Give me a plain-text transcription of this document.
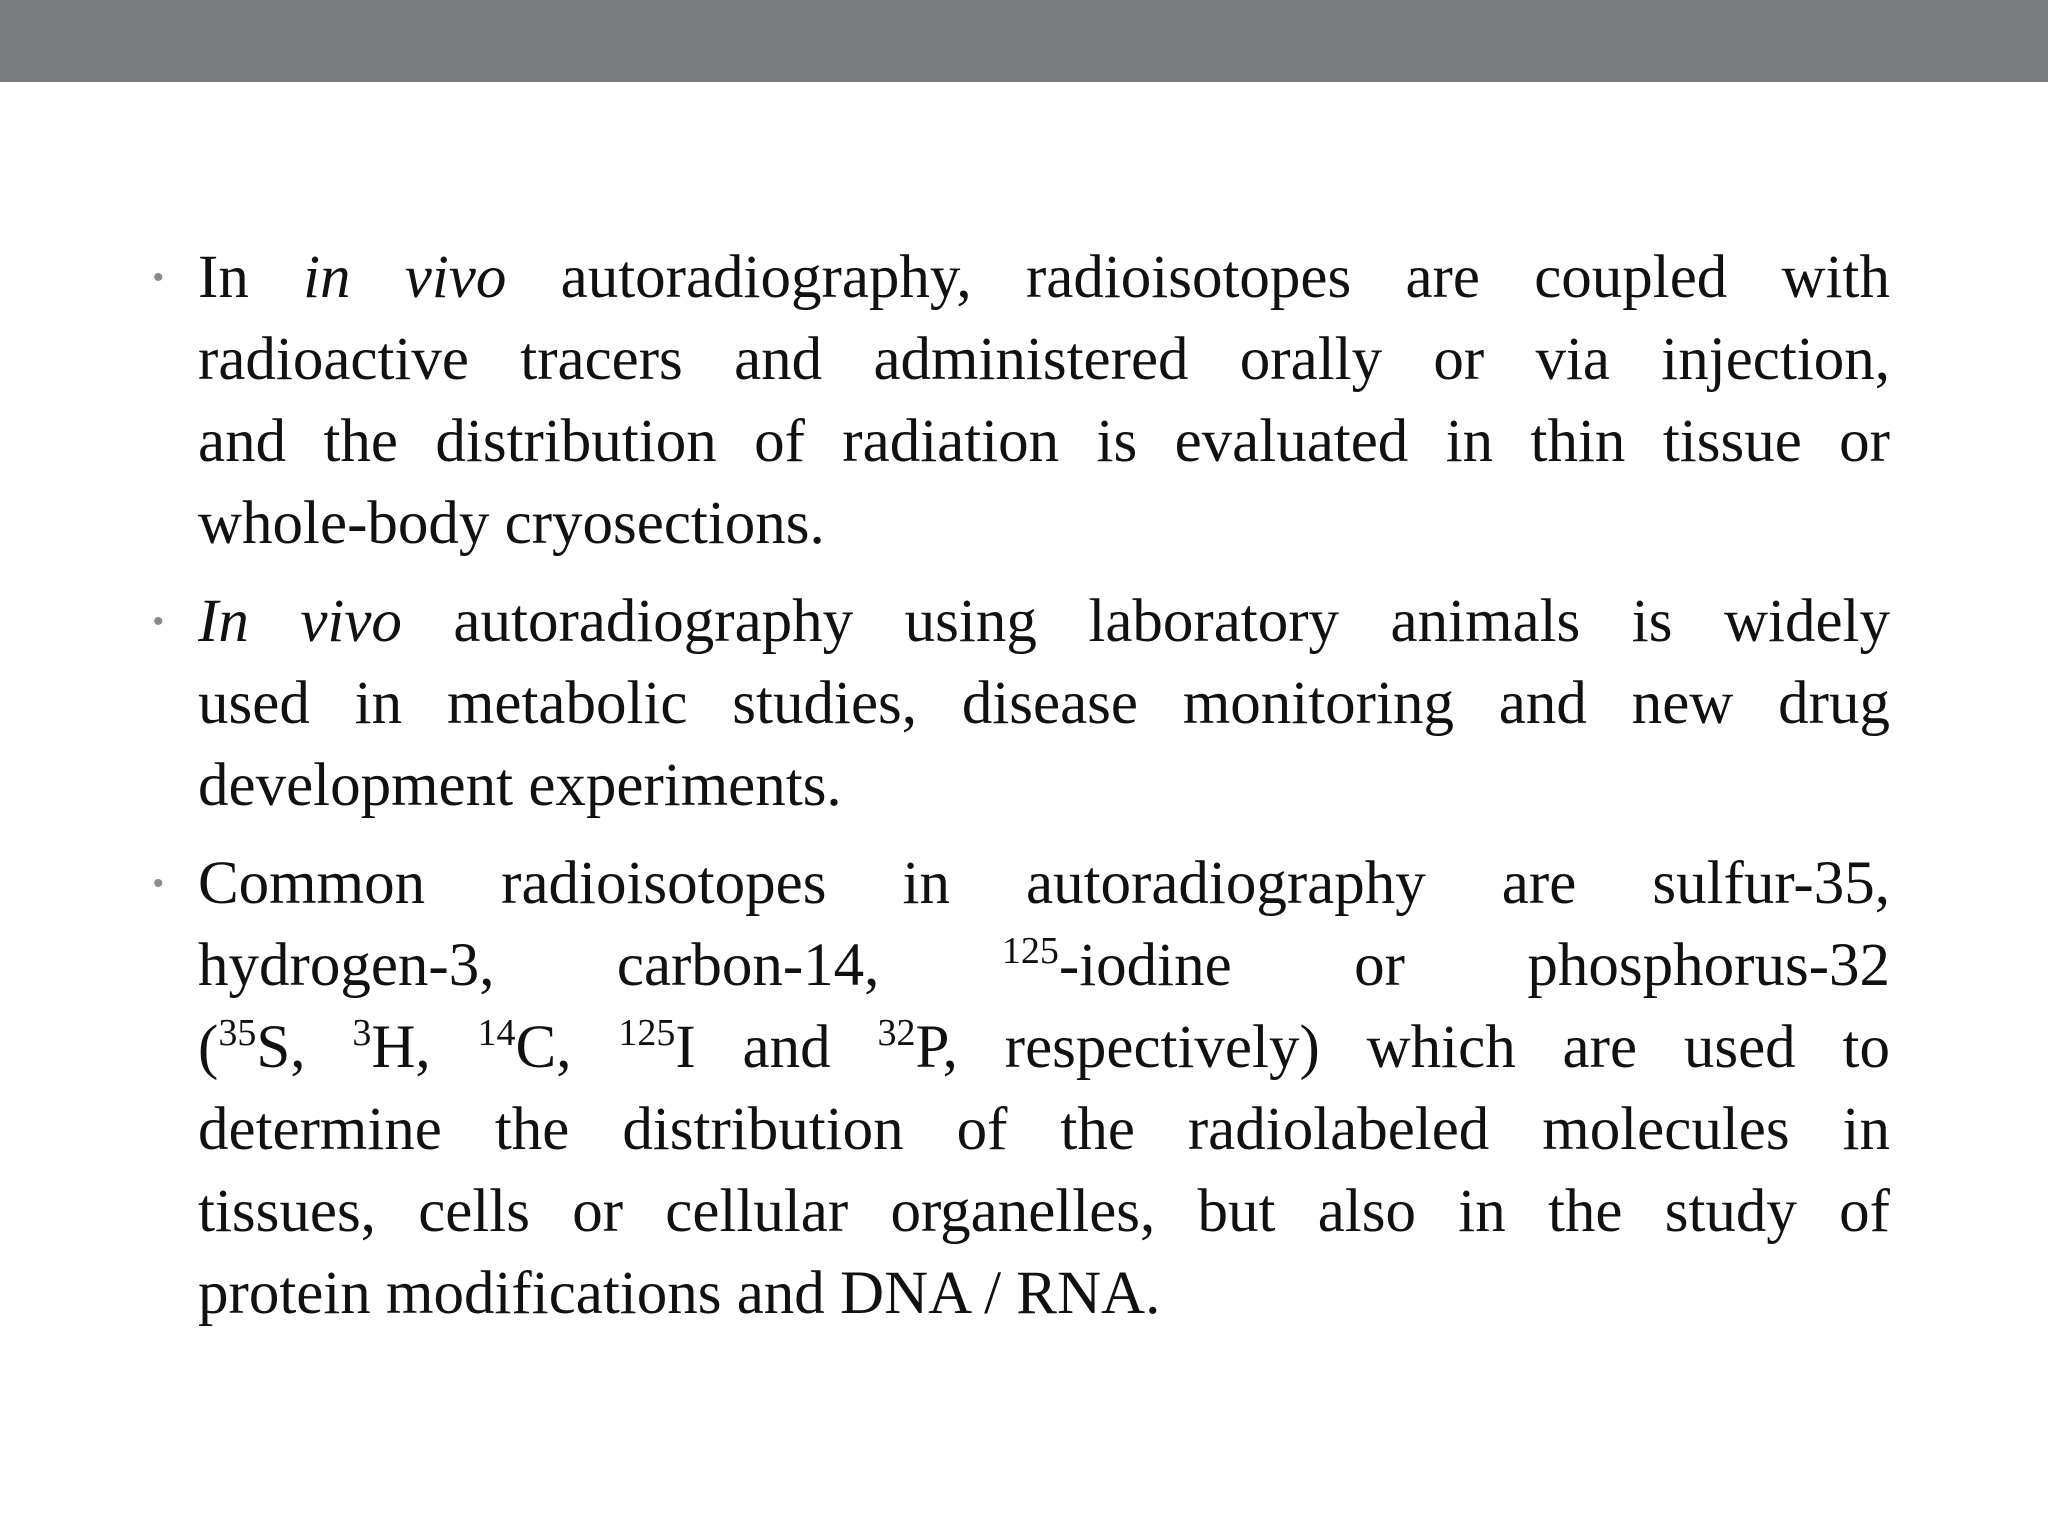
• In in vivo autoradiography, radioisotopes are coupled with
radioactive tracers and administered orally or via injection,
and the distribution of radiation is evaluated in thin tissue or
whole-body cryosections.
• In vivo autoradiography using laboratory animals is widely
used in metabolic studies, disease monitoring and new drug
development experiments.
• Common radioisotopes in autoradiography are sulfur-35,
hydrogen-3, carbon-14,	$^{125}$-iodine or phosphorus-32
($^{35}$S, $^3$H, $^{14}$C, $^{125}$I and $^{32}$P, respectively) which are used to
determine the distribution of the radiolabeled molecules in
tissues, cells or cellular organelles, but also in the study of
protein modifications and DNA / RNA.
